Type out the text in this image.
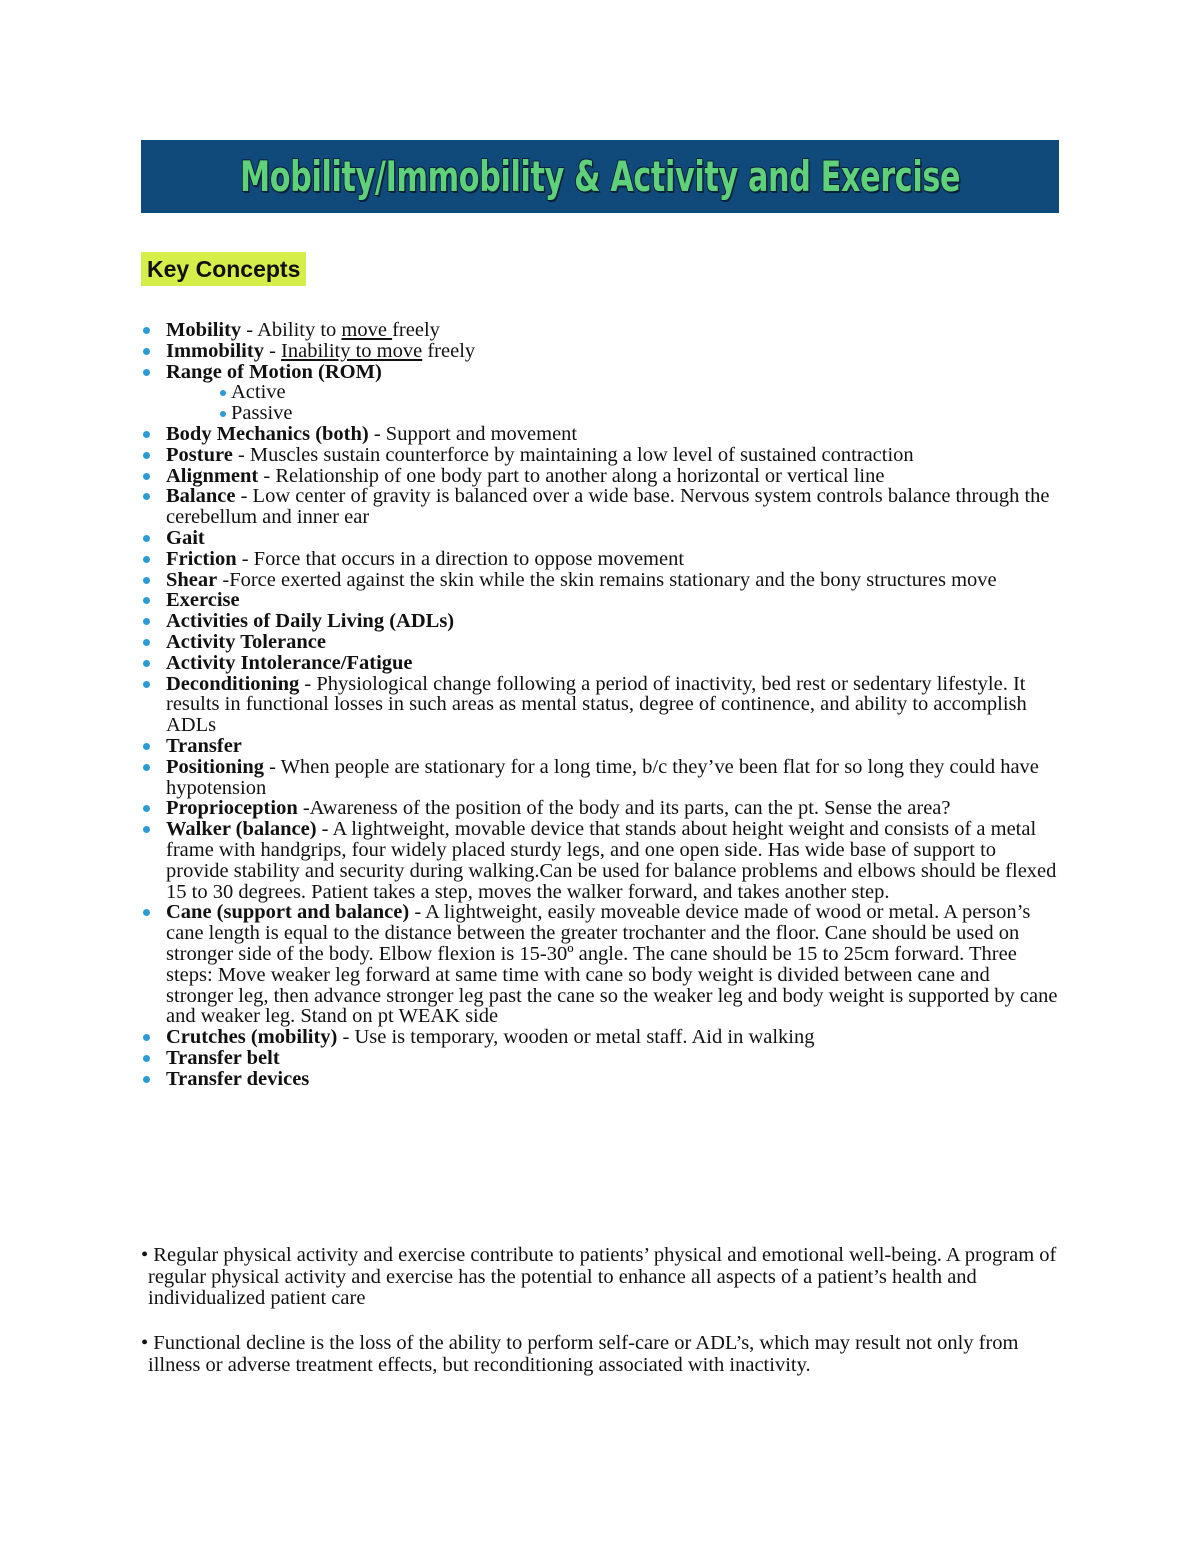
Mobility/Immobility & Activity and Exercise
Key Concepts
Mobility - Ability to move freely
Immobility - Inability to move freely
Range of Motion (ROM)
Active
Passive
Body Mechanics (both) - Support and movement
Posture - Muscles sustain counterforce by maintaining a low level of sustained contraction
Alignment - Relationship of one body part to another along a horizontal or vertical line
Balance - Low center of gravity is balanced over a wide base. Nervous system controls balance through the cerebellum and inner ear
Gait
Friction - Force that occurs in a direction to oppose movement
Shear -Force exerted against the skin while the skin remains stationary and the bony structures move
Exercise
Activities of Daily Living (ADLs)
Activity Tolerance
Activity Intolerance/Fatigue
Deconditioning - Physiological change following a period of inactivity, bed rest or sedentary lifestyle. It results in functional losses in such areas as mental status, degree of continence, and ability to accomplish ADLs
Transfer
Positioning - When people are stationary for a long time, b/c they’ve been flat for so long they could have hypotension
Proprioception -Awareness of the position of the body and its parts, can the pt. Sense the area?
Walker (balance) - A lightweight, movable device that stands about height weight and consists of a metal frame with handgrips, four widely placed sturdy legs, and one open side. Has wide base of support to provide stability and security during walking.Can be used for balance problems and elbows should be flexed 15 to 30 degrees. Patient takes a step, moves the walker forward, and takes another step.
Cane (support and balance) - A lightweight, easily moveable device made of wood or metal. A person’s cane length is equal to the distance between the greater trochanter and the floor. Cane should be used on stronger side of the body. Elbow flexion is 15-30º angle. The cane should be 15 to 25cm forward. Three steps: Move weaker leg forward at same time with cane so body weight is divided between cane and stronger leg, then advance stronger leg past the cane so the weaker leg and body weight is supported by cane and weaker leg. Stand on pt WEAK side
Crutches (mobility) - Use is temporary, wooden or metal staff. Aid in walking
Transfer belt
Transfer devices

• Regular physical activity and exercise contribute to patients’ physical and emotional well-being. A program of regular physical activity and exercise has the potential to enhance all aspects of a patient’s health and individualized patient care

• Functional decline is the loss of the ability to perform self-care or ADL’s, which may result not only from illness or adverse treatment effects, but reconditioning associated with inactivity.
